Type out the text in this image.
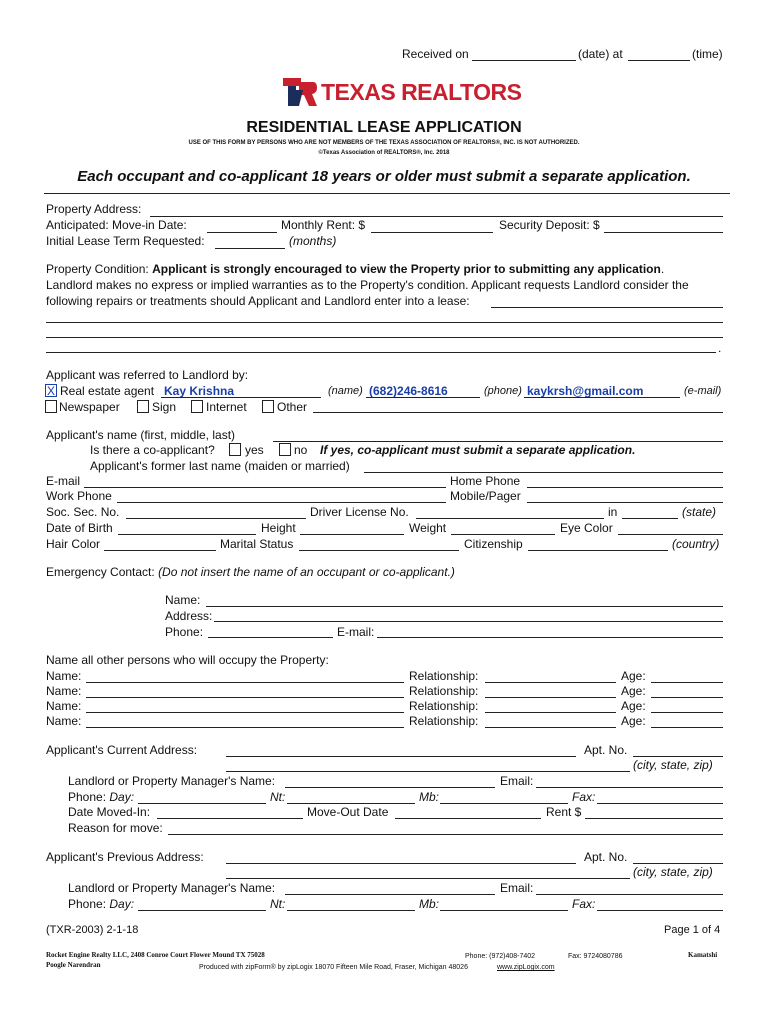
Received on	(date) at	(time)
TEXAS REALTORS
RESIDENTIAL LEASE APPLICATION
USE OF THIS FORM BY PERSONS WHO ARE NOT MEMBERS OF THE TEXAS ASSOCIATION OF REALTORS®, INC. IS NOT AUTHORIZED.
©Texas Association of REALTORS®, Inc. 2018
Each occupant and co-applicant 18 years or older must submit a separate application.
Property Address:
Anticipated: Move-in Date:	Monthly Rent: $	Security Deposit: $
Initial Lease Term Requested:	(months)
Property Condition: Applicant is strongly encouraged to view the Property prior to submitting any application.
Landlord makes no express or implied warranties as to the Property's condition. Applicant requests Landlord consider the
following repairs or treatments should Applicant and Landlord enter into a lease:
.
Applicant was referred to Landlord by:
X Real estate agent Kay Krishna	(name) (682)246-8616	(phone) kaykrsh@gmail.com	(e-mail)
Newspaper	Sign Internet	Other
Applicant's name (first, middle, last)
Is there a co-applicant?	yes	no If yes, co-applicant must submit a separate application.
Applicant's former last name (maiden or married)
E-mail	Home Phone
Work Phone	Mobile/Pager
Soc. Sec. No.	Driver License No.	in	(state)
Date of Birth	Height	Weight	Eye Color
Hair Color	Marital Status	Citizenship	(country)
Emergency Contact: (Do not insert the name of an occupant or co-applicant.)
Name:
Address:
Phone:	E-mail:
Name all other persons who will occupy the Property:
Name:	Relationship:	Age:
Name:	Relationship:	Age:
Name:	Relationship:	Age:
Name:	Relationship:	Age:
Applicant's Current Address:	Apt. No.
(city, state, zip)
Landlord or Property Manager's Name:	Email:
Phone: Day:	Nt:	Mb:	Fax:
Date Moved-In:	Move-Out Date	Rent $
Reason for move:
Applicant's Previous Address:	Apt. No.
(city, state, zip)
Landlord or Property Manager's Name:	Email:
Phone: Day:	Nt:	Mb:	Fax:
(TXR-2003) 2-1-18	Page 1 of 4
Rocket Engine Realty LLC, 2408 Conroe Court Flower Mound TX 75028	Phone: (972)408-7402	Fax: 9724080786	Kamatshi
Poogle Narendran	Produced with zipForm® by zipLogix 18070 Fifteen Mile Road, Fraser, Michigan 48026	www.zipLogix.com
